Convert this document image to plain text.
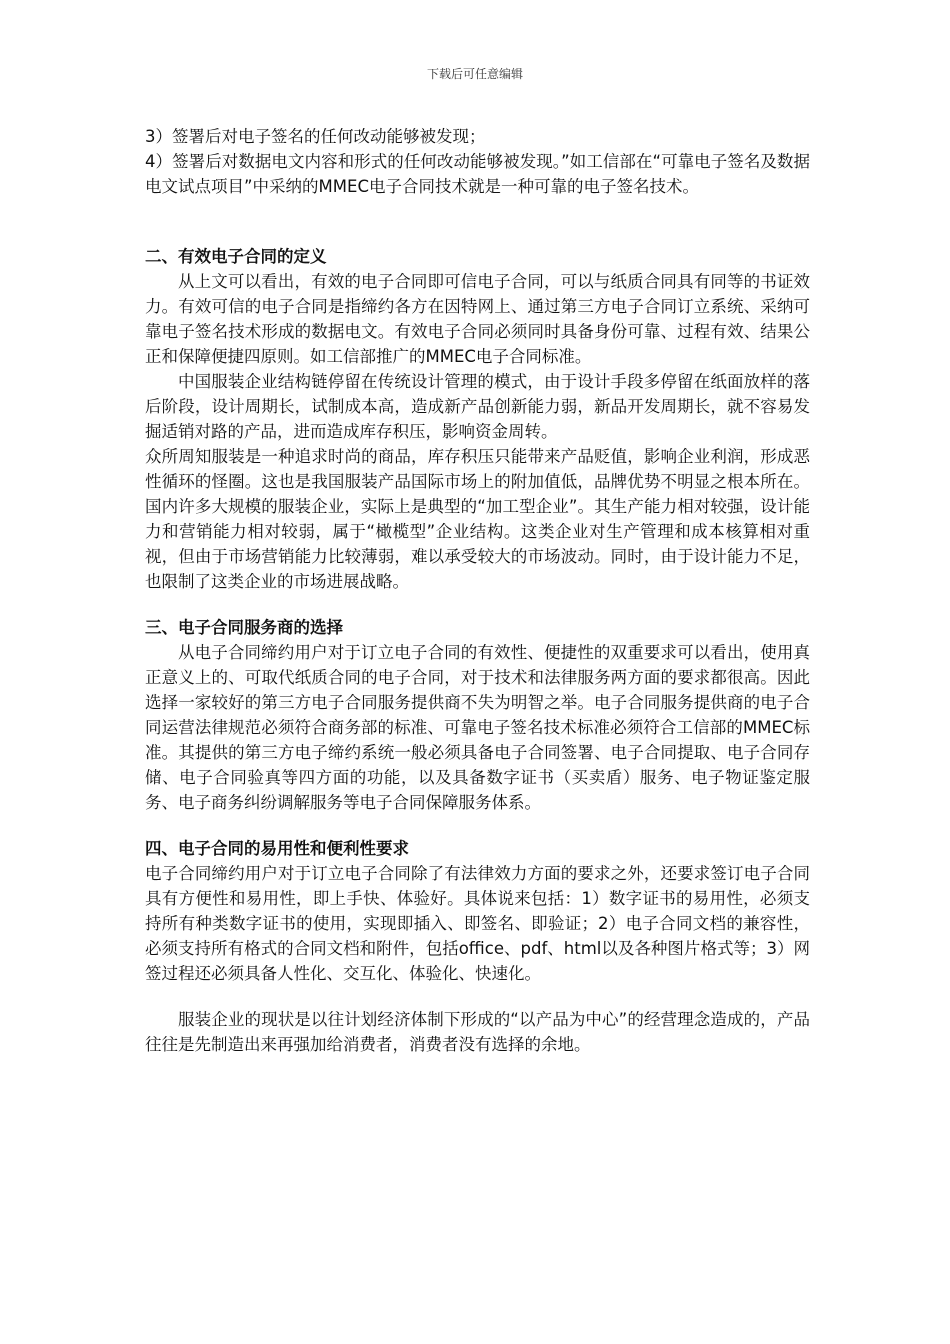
下载后可任意编辑

3）签署后对电子签名的任何改动能够被发现；

4）签署后对数据电文内容和形式的任何改动能够被发现。”如工信部在“可靠电子签名及数据电文试点项目”中采纳的MMEC电子合同技术就是一种可靠的电子签名技术。

二、有效电子合同的定义

从上文可以看出，有效的电子合同即可信电子合同，可以与纸质合同具有同等的书证效力。有效可信的电子合同是指缔约各方在因特网上、通过第三方电子合同订立系统、采纳可靠电子签名技术形成的数据电文。有效电子合同必须同时具备身份可靠、过程有效、结果公正和保障便捷四原则。如工信部推广的MMEC电子合同标准。

中国服装企业结构链停留在传统设计管理的模式，由于设计手段多停留在纸面放样的落后阶段，设计周期长，试制成本高，造成新产品创新能力弱，新品开发周期长，就不容易发掘适销对路的产品，进而造成库存积压，影响资金周转。

众所周知服装是一种追求时尚的商品，库存积压只能带来产品贬值，影响企业利润，形成恶性循环的怪圈。这也是我国服装产品国际市场上的附加值低，品牌优势不明显之根本所在。国内许多大规模的服装企业，实际上是典型的“加工型企业”。其生产能力相对较强，设计能力和营销能力相对较弱，属于“橄榄型”企业结构。这类企业对生产管理和成本核算相对重视，但由于市场营销能力比较薄弱，难以承受较大的市场波动。同时，由于设计能力不足，也限制了这类企业的市场进展战略。

三、电子合同服务商的选择

从电子合同缔约用户对于订立电子合同的有效性、便捷性的双重要求可以看出，使用真正意义上的、可取代纸质合同的电子合同，对于技术和法律服务两方面的要求都很高。因此选择一家较好的第三方电子合同服务提供商不失为明智之举。电子合同服务提供商的电子合同运营法律规范必须符合商务部的标准、可靠电子签名技术标准必须符合工信部的MMEC标准。其提供的第三方电子缔约系统一般必须具备电子合同签署、电子合同提取、电子合同存储、电子合同验真等四方面的功能，以及具备数字证书（买卖盾）服务、电子物证鉴定服务、电子商务纠纷调解服务等电子合同保障服务体系。

四、电子合同的易用性和便利性要求

电子合同缔约用户对于订立电子合同除了有法律效力方面的要求之外，还要求签订电子合同具有方便性和易用性，即上手快、体验好。具体说来包括：1）数字证书的易用性，必须支持所有种类数字证书的使用，实现即插入、即签名、即验证；2）电子合同文档的兼容性，必须支持所有格式的合同文档和附件，包括office、pdf、html以及各种图片格式等；3）网签过程还必须具备人性化、交互化、体验化、快速化。

服装企业的现状是以往计划经济体制下形成的“以产品为中心”的经营理念造成的，产品往往是先制造出来再强加给消费者，消费者没有选择的余地。
